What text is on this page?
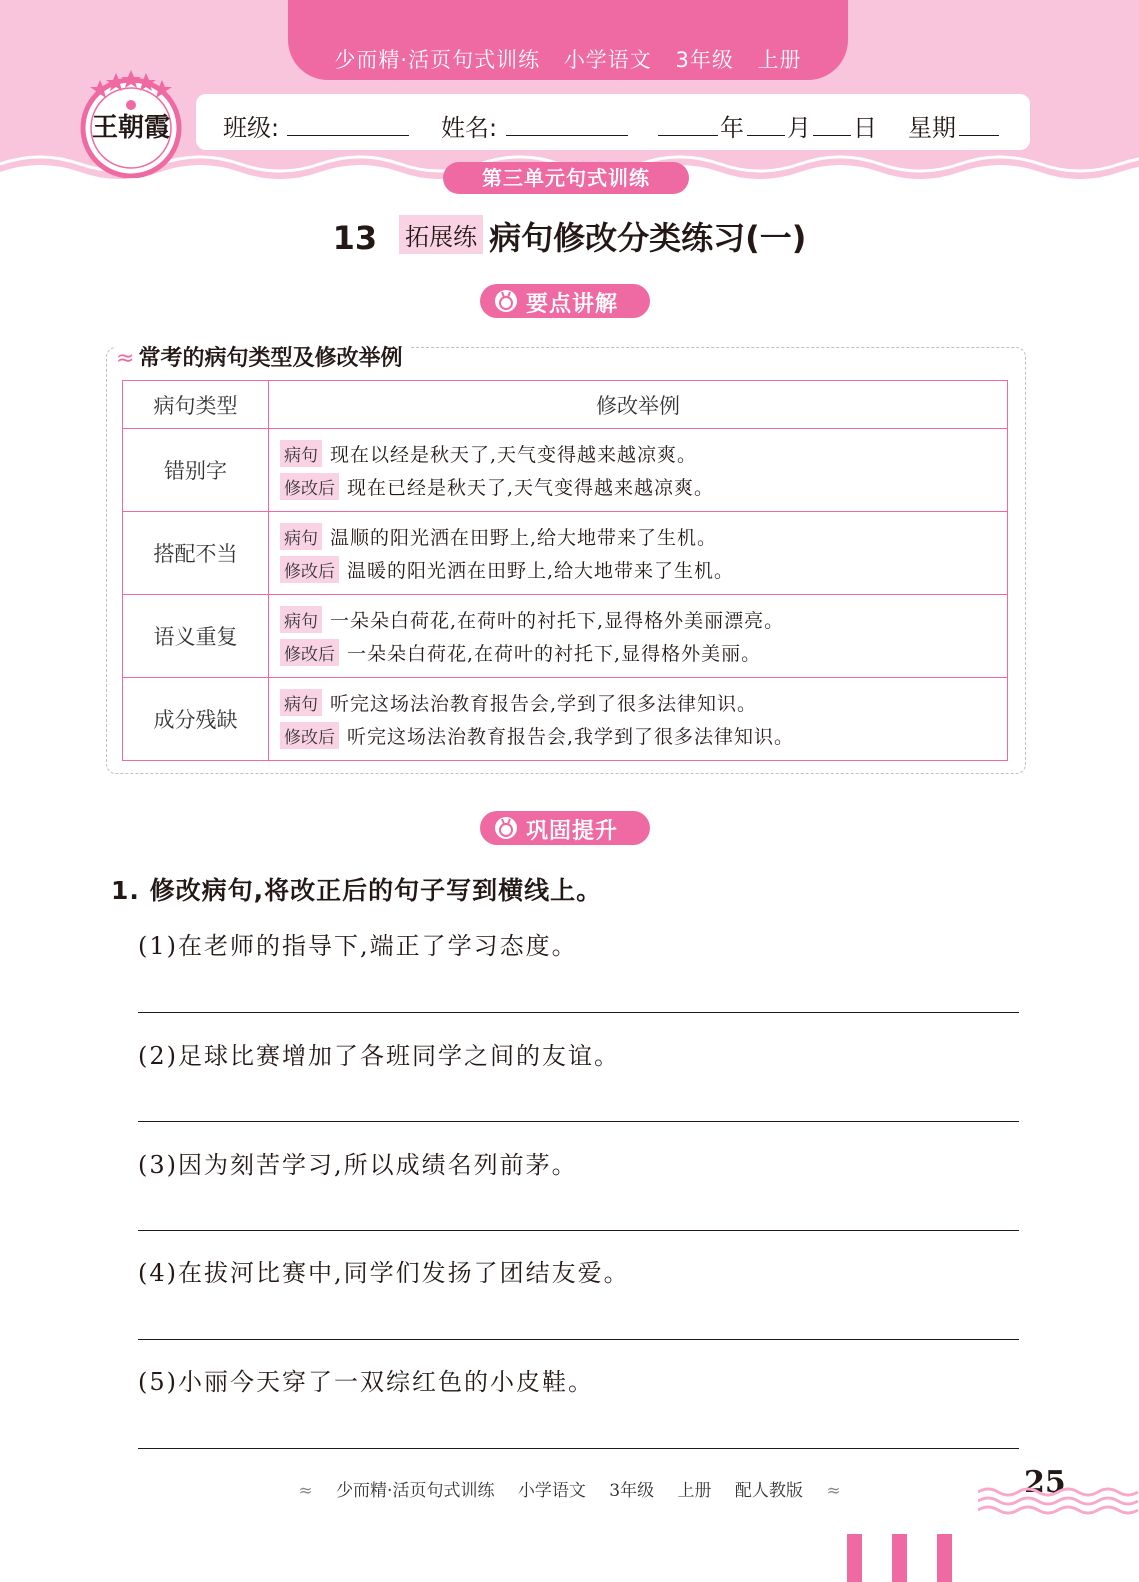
少而精·活页句式训练 小学语文 3年级 上册
王朝霞 班级:	姓名:	年 月 日 星期
第三单元句式训练
13 拓展练 病句修改分类练习(一)
要点讲解
≈ 常考的病句类型及修改举例
病句类型	修改举例
错别字	病句 现在以经是秋天了,天气变得越来越凉爽。
修改后 现在已经是秋天了,天气变得越来越凉爽。

搭配不当	病句 温顺的阳光洒在田野上,给大地带来了生机。
修改后 温暖的阳光洒在田野上,给大地带来了生机。

语义重复	病句 一朵朵白荷花,在荷叶的衬托下,显得格外美丽漂亮。
修改后 一朵朵白荷花,在荷叶的衬托下,显得格外美丽。

成分残缺	病句 听完这场法治教育报告会,学到了很多法律知识。
修改后 听完这场法治教育报告会,我学到了很多法律知识。
巩固提升
1. 修改病句,将改正后的句子写到横线上。
(1)在老师的指导下,端正了学习态度。
(2)足球比赛增加了各班同学之间的友谊。
(3)因为刻苦学习,所以成绩名列前茅。
(4)在拔河比赛中,同学们发扬了团结友爱。
(5)小丽今天穿了一双综红色的小皮鞋。
≈ 少而精·活页句式训练 小学语文 3年级 上册 配人教版 ≈	25
